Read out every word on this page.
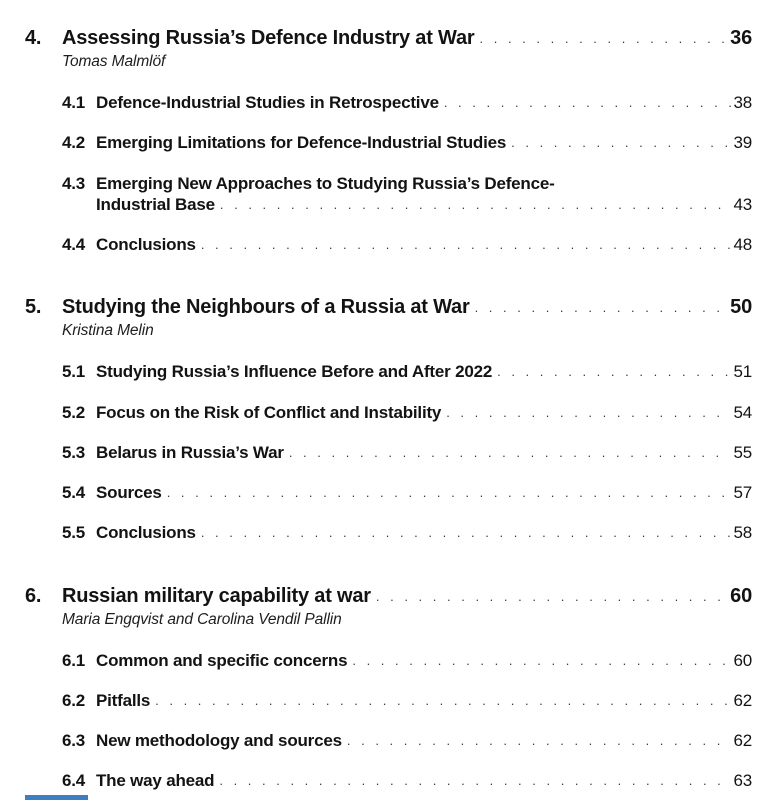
4.	Assessing Russia’s Defence Industry at War . . .	36
Tomas Malmlöf
4.1 Defence-Industrial Studies in Retrospective . . .	38
4.2 Emerging Limitations for Defence-Industrial Studies . . .	39
4.3 Emerging New Approaches to Studying Russia’s Defence-
Industrial Base . . .	43
4.4 Conclusions . . .	48
5.	Studying the Neighbours of a Russia at War . . .	50
Kristina Melin
5.1 Studying Russia’s Influence Before and After 2022 . . .	51
5.2 Focus on the Risk of Conflict and Instability . . .	54
5.3 Belarus in Russia’s War . . .	55
5.4 Sources . . .	57
5.5 Conclusions . . .	58
6.	Russian military capability at war . . .	60
Maria Engqvist and Carolina Vendil Pallin
6.1 Common and specific concerns . . .	60
6.2 Pitfalls . . .	62
6.3 New methodology and sources . . .	62
6.4 The way ahead . . .	63
